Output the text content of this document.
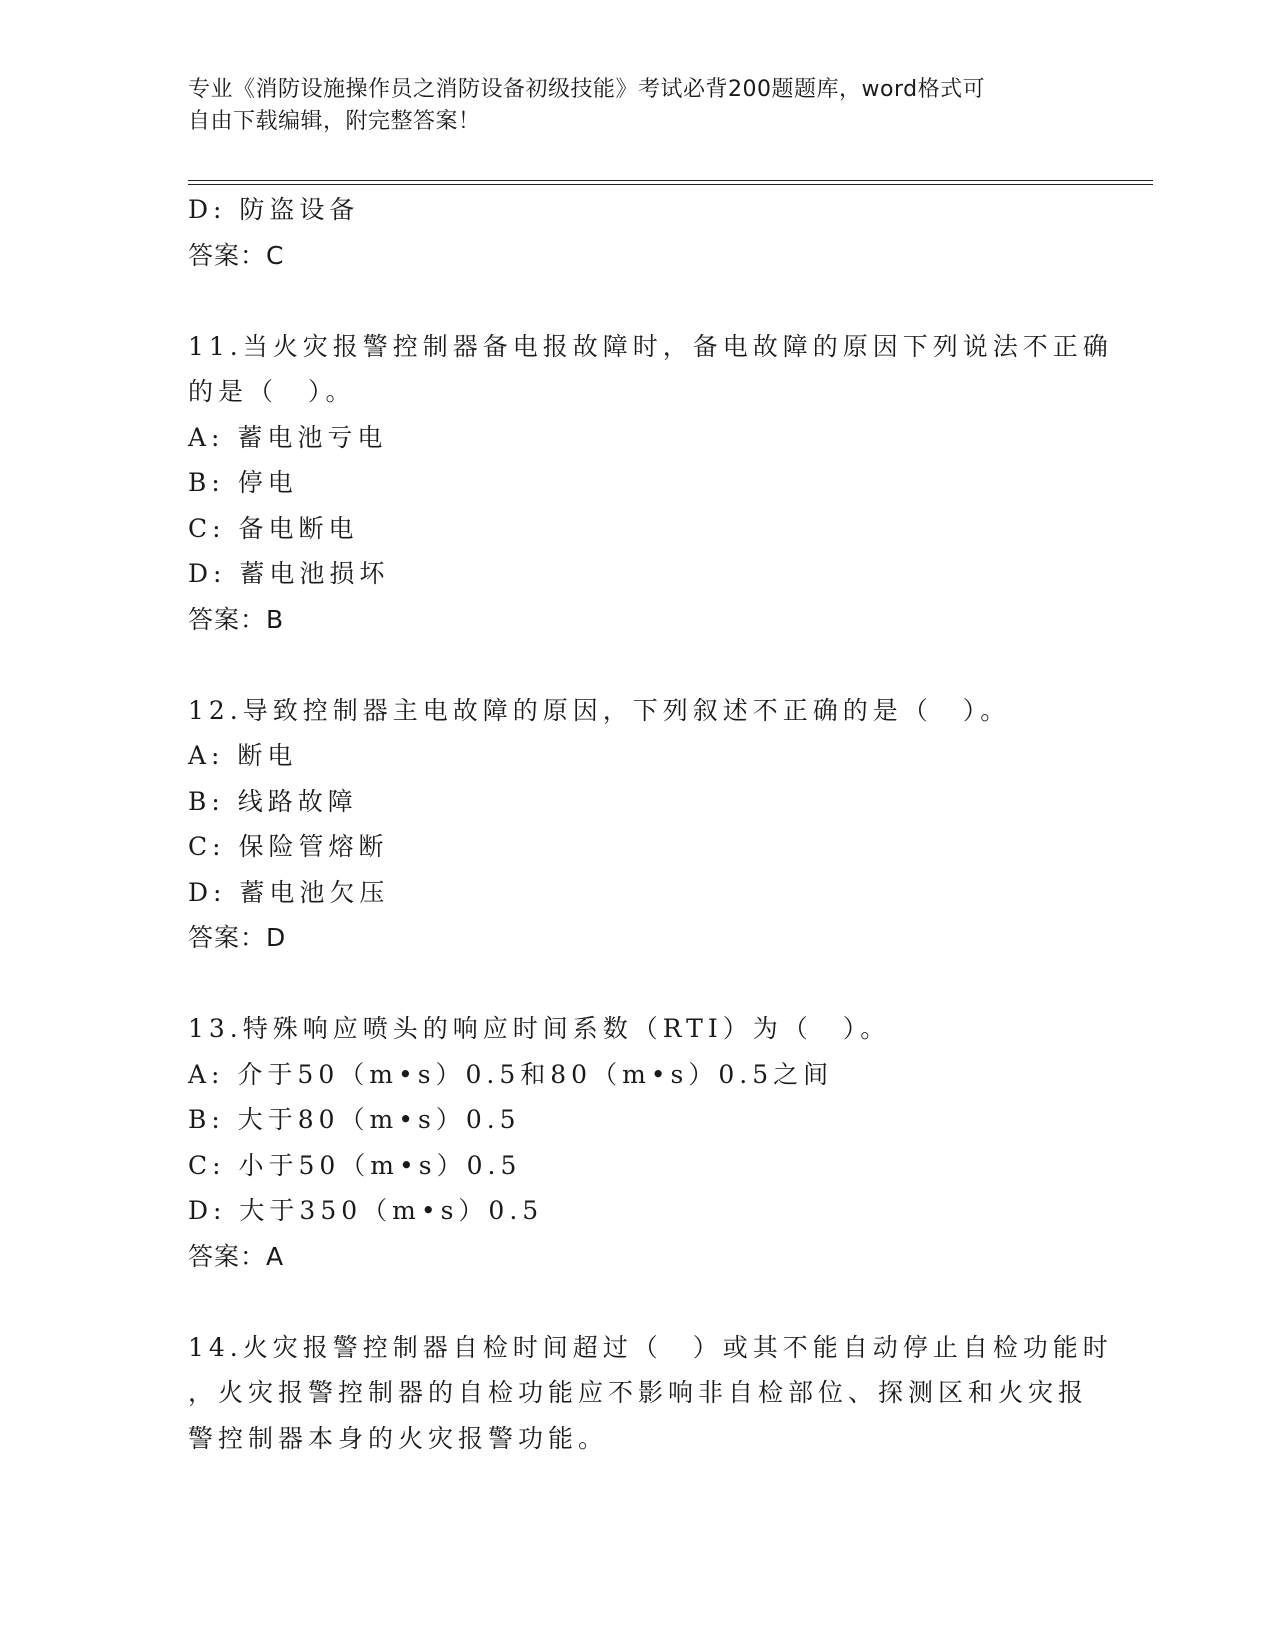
专业《消防设施操作员之消防设备初级技能》考试必背200题题库，word格式可
自由下载编辑，附完整答案！
D: 防盗设备
答案：C
11.当火灾报警控制器备电报故障时，备电故障的原因下列说法不正确
的是（　）。
A: 蓄电池亏电
B: 停电
C: 备电断电
D: 蓄电池损坏
答案：B
12.导致控制器主电故障的原因，下列叙述不正确的是（　）。
A: 断电
B: 线路故障
C: 保险管熔断
D: 蓄电池欠压
答案：D
13.特殊响应喷头的响应时间系数（RTI）为（　）。
A: 介于50（m•s）0.5和80（m•s）0.5之间
B: 大于80（m•s）0.5
C: 小于50（m•s）0.5
D: 大于350（m•s）0.5
答案：A
14.火灾报警控制器自检时间超过（　）或其不能自动停止自检功能时
，火灾报警控制器的自检功能应不影响非自检部位、探测区和火灾报
警控制器本身的火灾报警功能。
